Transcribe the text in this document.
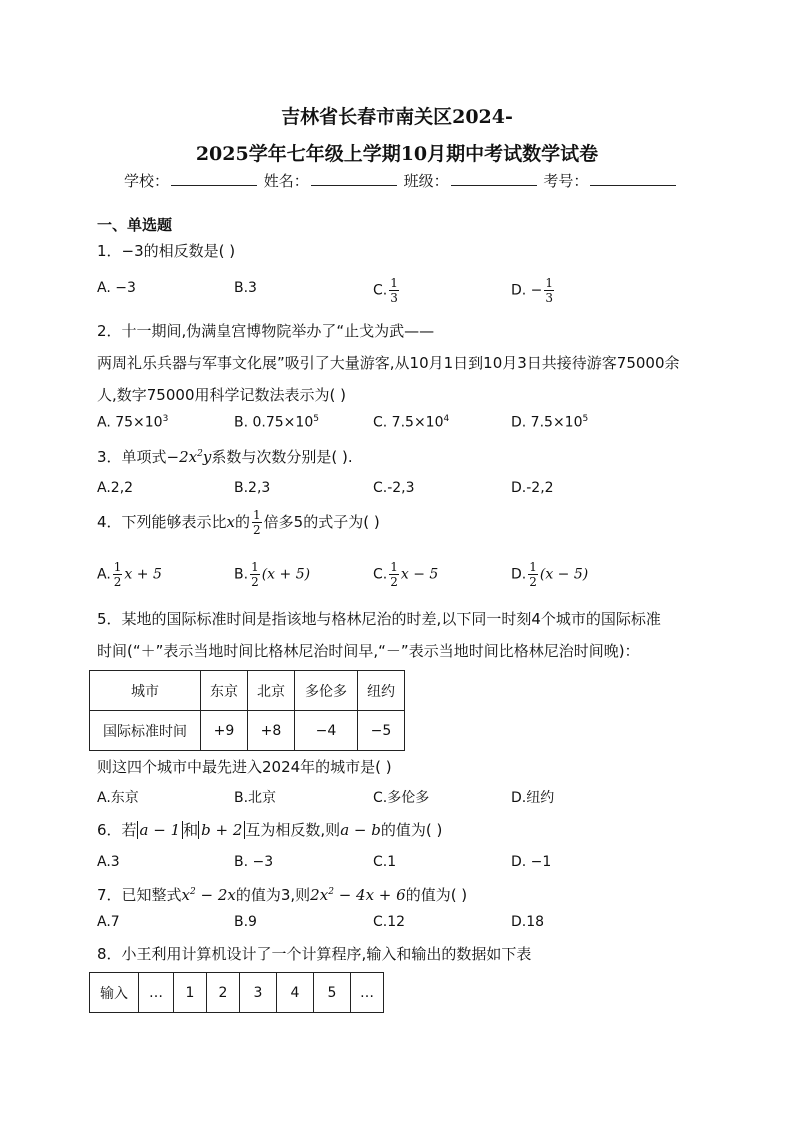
吉林省长春市南关区2024-
2025学年七年级上学期10月期中考试数学试卷
学校：	姓名：	班级：	考号：
一、单选题
1．−3的相反数是( )
A. −3	B.3	C. $\frac{1}{3}$	D. − $\frac{1}{3}$
2．十一期间,伪满皇宫博物院举办了“止戈为武——
两周礼乐兵器与军事文化展”吸引了大量游客,从10月1日到10月3日共接待游客75000余
人,数字75000用科学记数法表示为( )
A. $75\times 10^3$	B. $0.75\times 10^5$	C. $7.5\times 10^4$	D. $7.5\times 10^5$
3．单项式$-2x^2y$系数与次数分别是( ).
A.2,2	B.2,3	C.-2,3	D.-2,2
4．下列能够表示比x的 $\frac{1}{2}$ 倍多5的式子为( )
A. $\frac{1}{2}$ x + 5	B. $\frac{1}{2} (x + 5)$	C. $\frac{1}{2}$ x − 5	D. $\frac{1}{2} (x - 5)$
5．某地的国际标准时间是指该地与格林尼治的时差,以下同一时刻4个城市的国际标准
时间(“＋”表示当地时间比格林尼治时间早,“－”表示当地时间比格林尼治时间晚)：
城市	东京	北京	多伦多	纽约
国际标准时间	+9	+8	−4	−5
则这四个城市中最先进入2024年的城市是( )
A.东京	B.北京	C.多伦多	D.纽约
6．若 a − 1 和 b + 2 互为相反数,则a − b的值为( )
A.3	B. −3	C.1	D. −1
7．已知整式$x^2 - 2x$的值为3,则$2x^2 - 4x + 6$的值为( )
A.7	B.9	C.12	D.18
8．小王利用计算机设计了一个计算程序,输入和输出的数据如下表
输入	…	1	2	3	4	5	…
